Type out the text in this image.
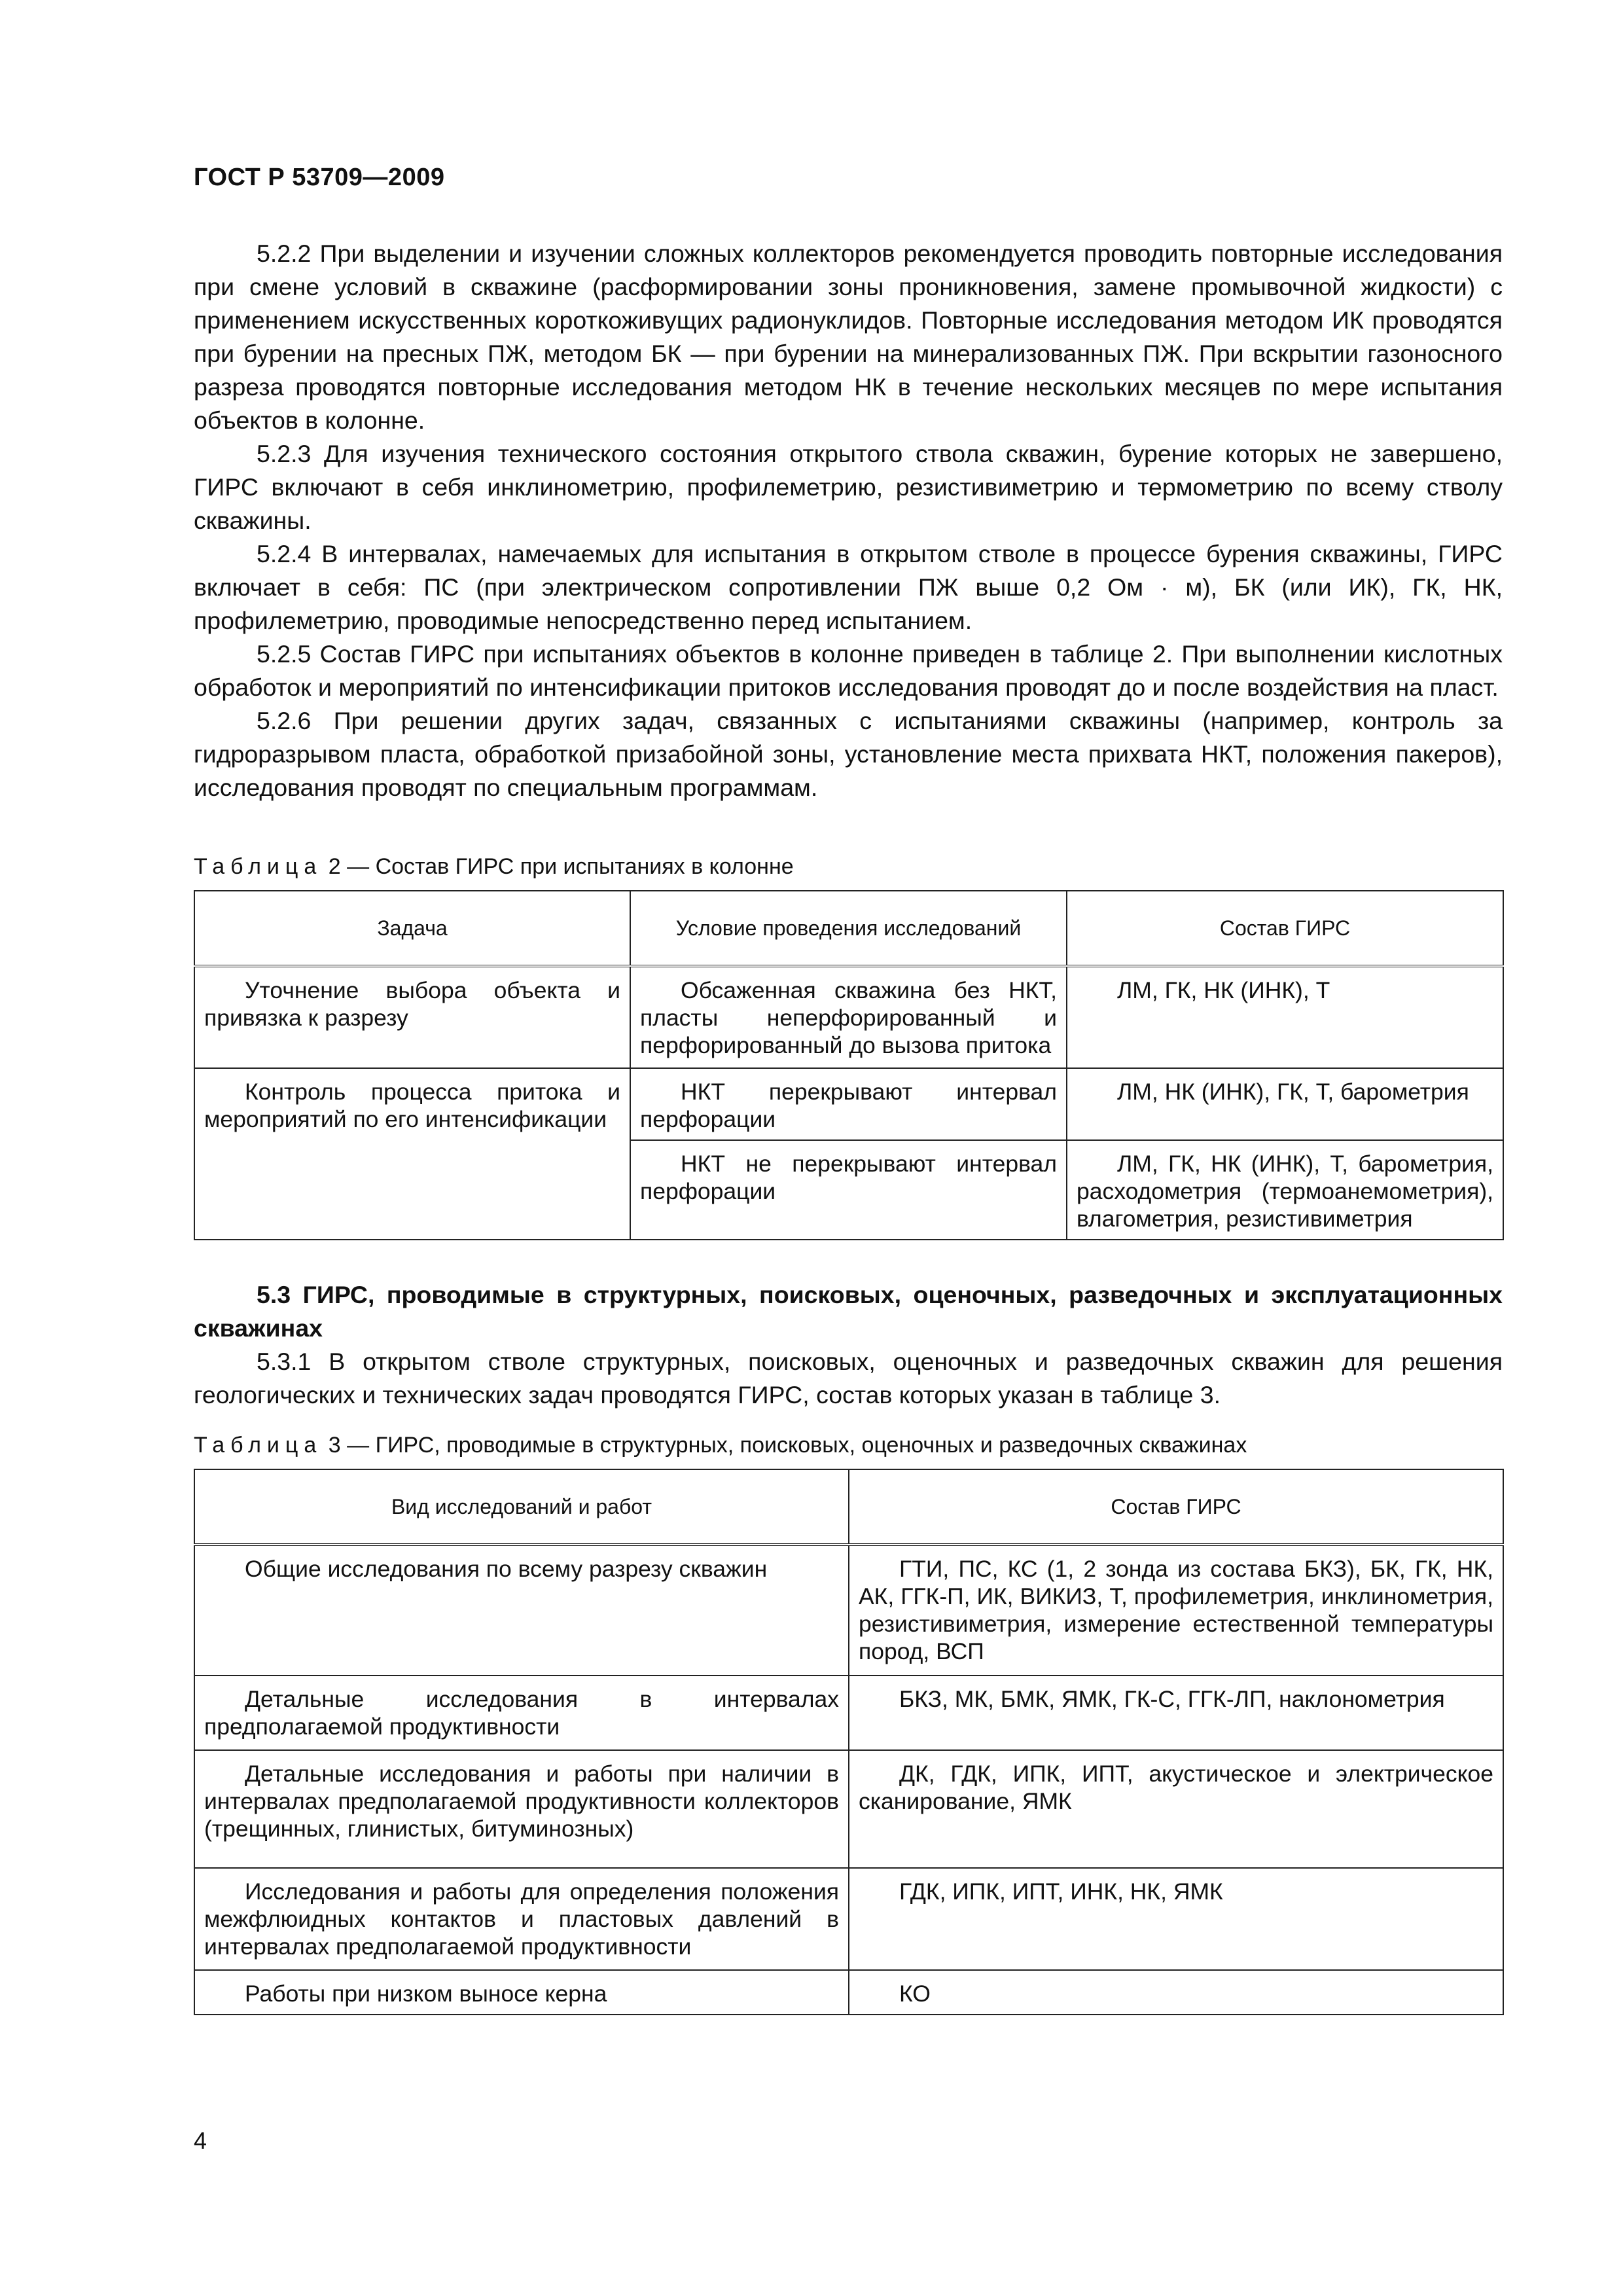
ГОСТ Р 53709—2009

5.2.2 При выделении и изучении сложных коллекторов рекомендуется проводить повторные исследования при смене условий в скважине (расформировании зоны проникновения, замене промывочной жидкости) с применением искусственных короткоживущих радионуклидов. Повторные исследования методом ИК проводятся при бурении на пресных ПЖ, методом БК — при бурении на минерализованных ПЖ. При вскрытии газоносного разреза проводятся повторные исследования методом НК в течение нескольких месяцев по мере испытания объектов в колонне.

5.2.3 Для изучения технического состояния открытого ствола скважин, бурение которых не завершено, ГИРС включают в себя инклинометрию, профилеметрию, резистивиметрию и термометрию по всему стволу скважины.

5.2.4 В интервалах, намечаемых для испытания в открытом стволе в процессе бурения скважины, ГИРС включает в себя: ПС (при электрическом сопротивлении ПЖ выше 0,2 Ом · м), БК (или ИК), ГК, НК, профилеметрию, проводимые непосредственно перед испытанием.

5.2.5 Состав ГИРС при испытаниях объектов в колонне приведен в таблице 2. При выполнении кислотных обработок и мероприятий по интенсификации притоков исследования проводят до и после воздействия на пласт.

5.2.6 При решении других задач, связанных с испытаниями скважины (например, контроль за гидроразрывом пласта, обработкой призабойной зоны, установление места прихвата НКТ, положения пакеров), исследования проводят по специальным программам.

Таблица 2 — Состав ГИРС при испытаниях в колонне
Задача	Условие проведения исследований	Состав ГИРС

Уточнение выбора объекта и привязка к разрезу	Обсаженная скважина без НКТ, пласты неперфорированный и перфорированный до вызова притока	ЛМ, ГК, НК (ИНК), Т

Контроль процесса притока и мероприятий по его интенсификации	НКТ перекрывают интервал перфорации	ЛМ, НК (ИНК), ГК, Т, барометрия

	НКТ не перекрывают интервал перфорации	ЛМ, ГК, НК (ИНК), Т, барометрия, расходометрия (термоанемометрия), влагометрия, резистивиметрия

5.3 ГИРС, проводимые в структурных, поисковых, оценочных, разведочных и эксплуатационных скважинах

5.3.1 В открытом стволе структурных, поисковых, оценочных и разведочных скважин для решения геологических и технических задач проводятся ГИРС, состав которых указан в таблице 3.

Таблица 3 — ГИРС, проводимые в структурных, поисковых, оценочных и разведочных скважинах
Вид исследований и работ	Состав ГИРС

Общие исследования по всему разрезу скважин	ГТИ, ПС, КС (1, 2 зонда из состава БКЗ), БК, ГК, НК, АК, ГГК-П, ИК, ВИКИЗ, Т, профилеметрия, инклинометрия, резистивиметрия, измерение естественной температуры пород, ВСП

Детальные исследования в интервалах предполагаемой продуктивности	БКЗ, МК, БМК, ЯМК, ГК-С, ГГК-ЛП, наклонометрия

Детальные исследования и работы при наличии в интервалах предполагаемой продуктивности коллекторов (трещинных, глинистых, битуминозных)	ДК, ГДК, ИПК, ИПТ, акустическое и электрическое сканирование, ЯМК

Исследования и работы для определения положения межфлюидных контактов и пластовых давлений в интервалах предполагаемой продуктивности	ГДК, ИПК, ИПТ, ИНК, НК, ЯМК

Работы при низком выносе керна	КО
4
